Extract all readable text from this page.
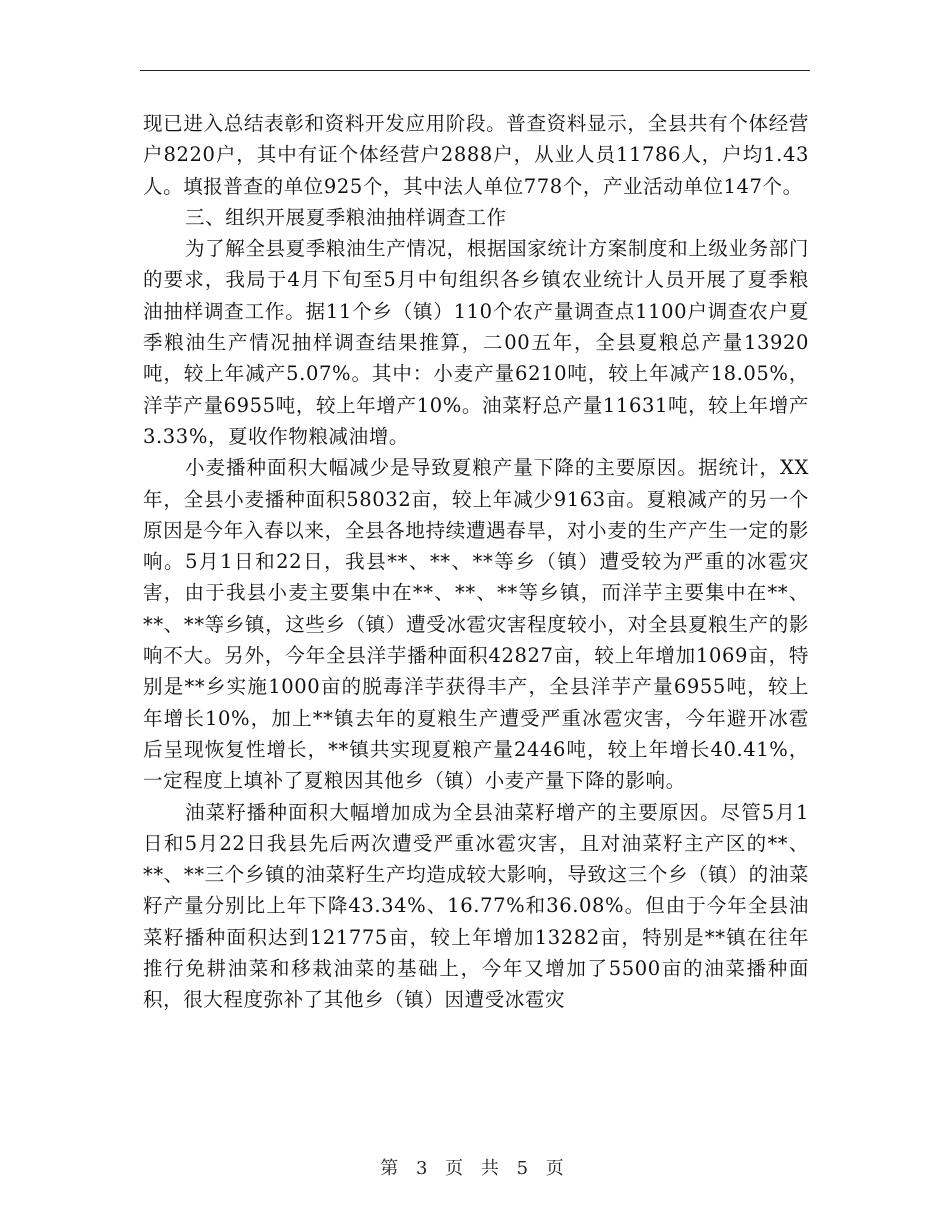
现已进入总结表彰和资料开发应用阶段。普查资料显示，全县共有个体经营户8220户，其中有证个体经营户2888户，从业人员11786人，户均1.43人。填报普查的单位925个，其中法人单位778个，产业活动单位147个。

三、组织开展夏季粮油抽样调查工作

为了解全县夏季粮油生产情况，根据国家统计方案制度和上级业务部门的要求，我局于4月下旬至5月中旬组织各乡镇农业统计人员开展了夏季粮油抽样调查工作。据11个乡（镇）110个农产量调查点1100户调查农户夏季粮油生产情况抽样调查结果推算，二00五年，全县夏粮总产量13920吨，较上年减产5.07%。其中：小麦产量6210吨，较上年减产18.05%，洋芋产量6955吨，较上年增产10%。油菜籽总产量11631吨，较上年增产3.33%，夏收作物粮减油增。

小麦播种面积大幅减少是导致夏粮产量下降的主要原因。据统计，XX年，全县小麦播种面积58032亩，较上年减少9163亩。夏粮减产的另一个原因是今年入春以来，全县各地持续遭遇春旱，对小麦的生产产生一定的影响。5月1日和22日，我县**、**、**等乡（镇）遭受较为严重的冰雹灾害，由于我县小麦主要集中在**、**、**等乡镇，而洋芋主要集中在**、**、**等乡镇，这些乡（镇）遭受冰雹灾害程度较小，对全县夏粮生产的影响不大。另外，今年全县洋芋播种面积42827亩，较上年增加1069亩，特别是**乡实施1000亩的脱毒洋芋获得丰产，全县洋芋产量6955吨，较上年增长10%，加上**镇去年的夏粮生产遭受严重冰雹灾害，今年避开冰雹后呈现恢复性增长，**镇共实现夏粮产量2446吨，较上年增长40.41%，一定程度上填补了夏粮因其他乡（镇）小麦产量下降的影响。

油菜籽播种面积大幅增加成为全县油菜籽增产的主要原因。尽管5月1日和5月22日我县先后两次遭受严重冰雹灾害，且对油菜籽主产区的**、**、**三个乡镇的油菜籽生产均造成较大影响，导致这三个乡（镇）的油菜籽产量分别比上年下降43.34%、16.77%和36.08%。但由于今年全县油菜籽播种面积达到121775亩，较上年增加13282亩，特别是**镇在往年推行免耕油菜和移栽油菜的基础上，今年又增加了5500亩的油菜播种面积，很大程度弥补了其他乡（镇）因遭受冰雹灾

第 3 页 共 5 页
